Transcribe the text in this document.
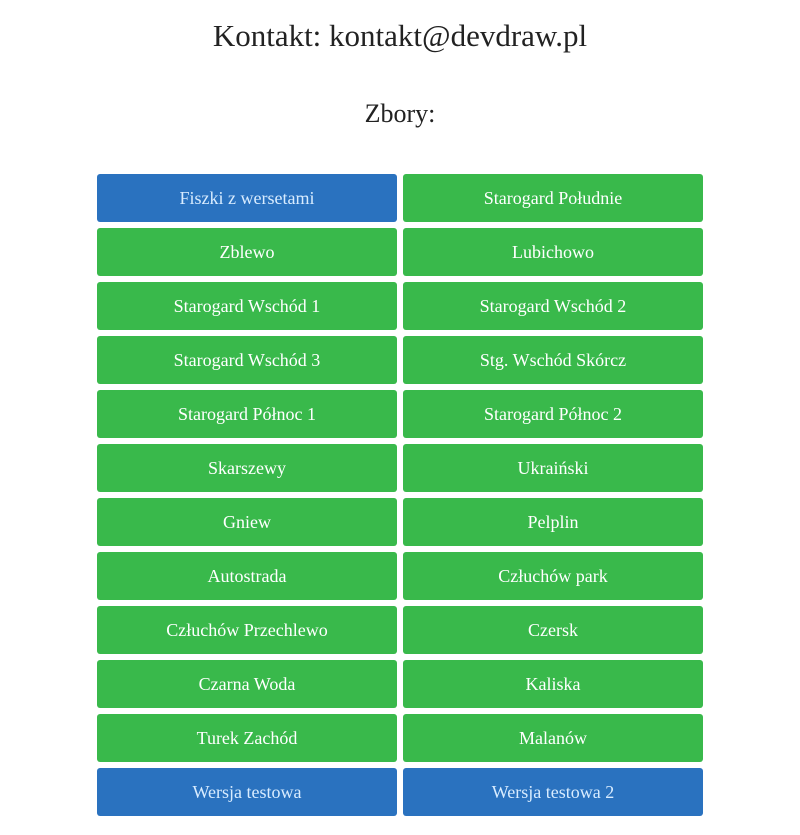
Kontakt: kontakt@devdraw.pl
Zbory:
Fiszki z wersetami	Starogard Południe
Zblewo	Lubichowo
Starogard Wschód 1	Starogard Wschód 2
Starogard Wschód 3	Stg. Wschód Skórcz
Starogard Północ 1	Starogard Północ 2
Skarszewy	Ukraiński
Gniew	Pelplin
Autostrada	Człuchów park
Człuchów Przechlewo	Czersk
Czarna Woda	Kaliska
Turek Zachód	Malanów
Wersja testowa	Wersja testowa 2
